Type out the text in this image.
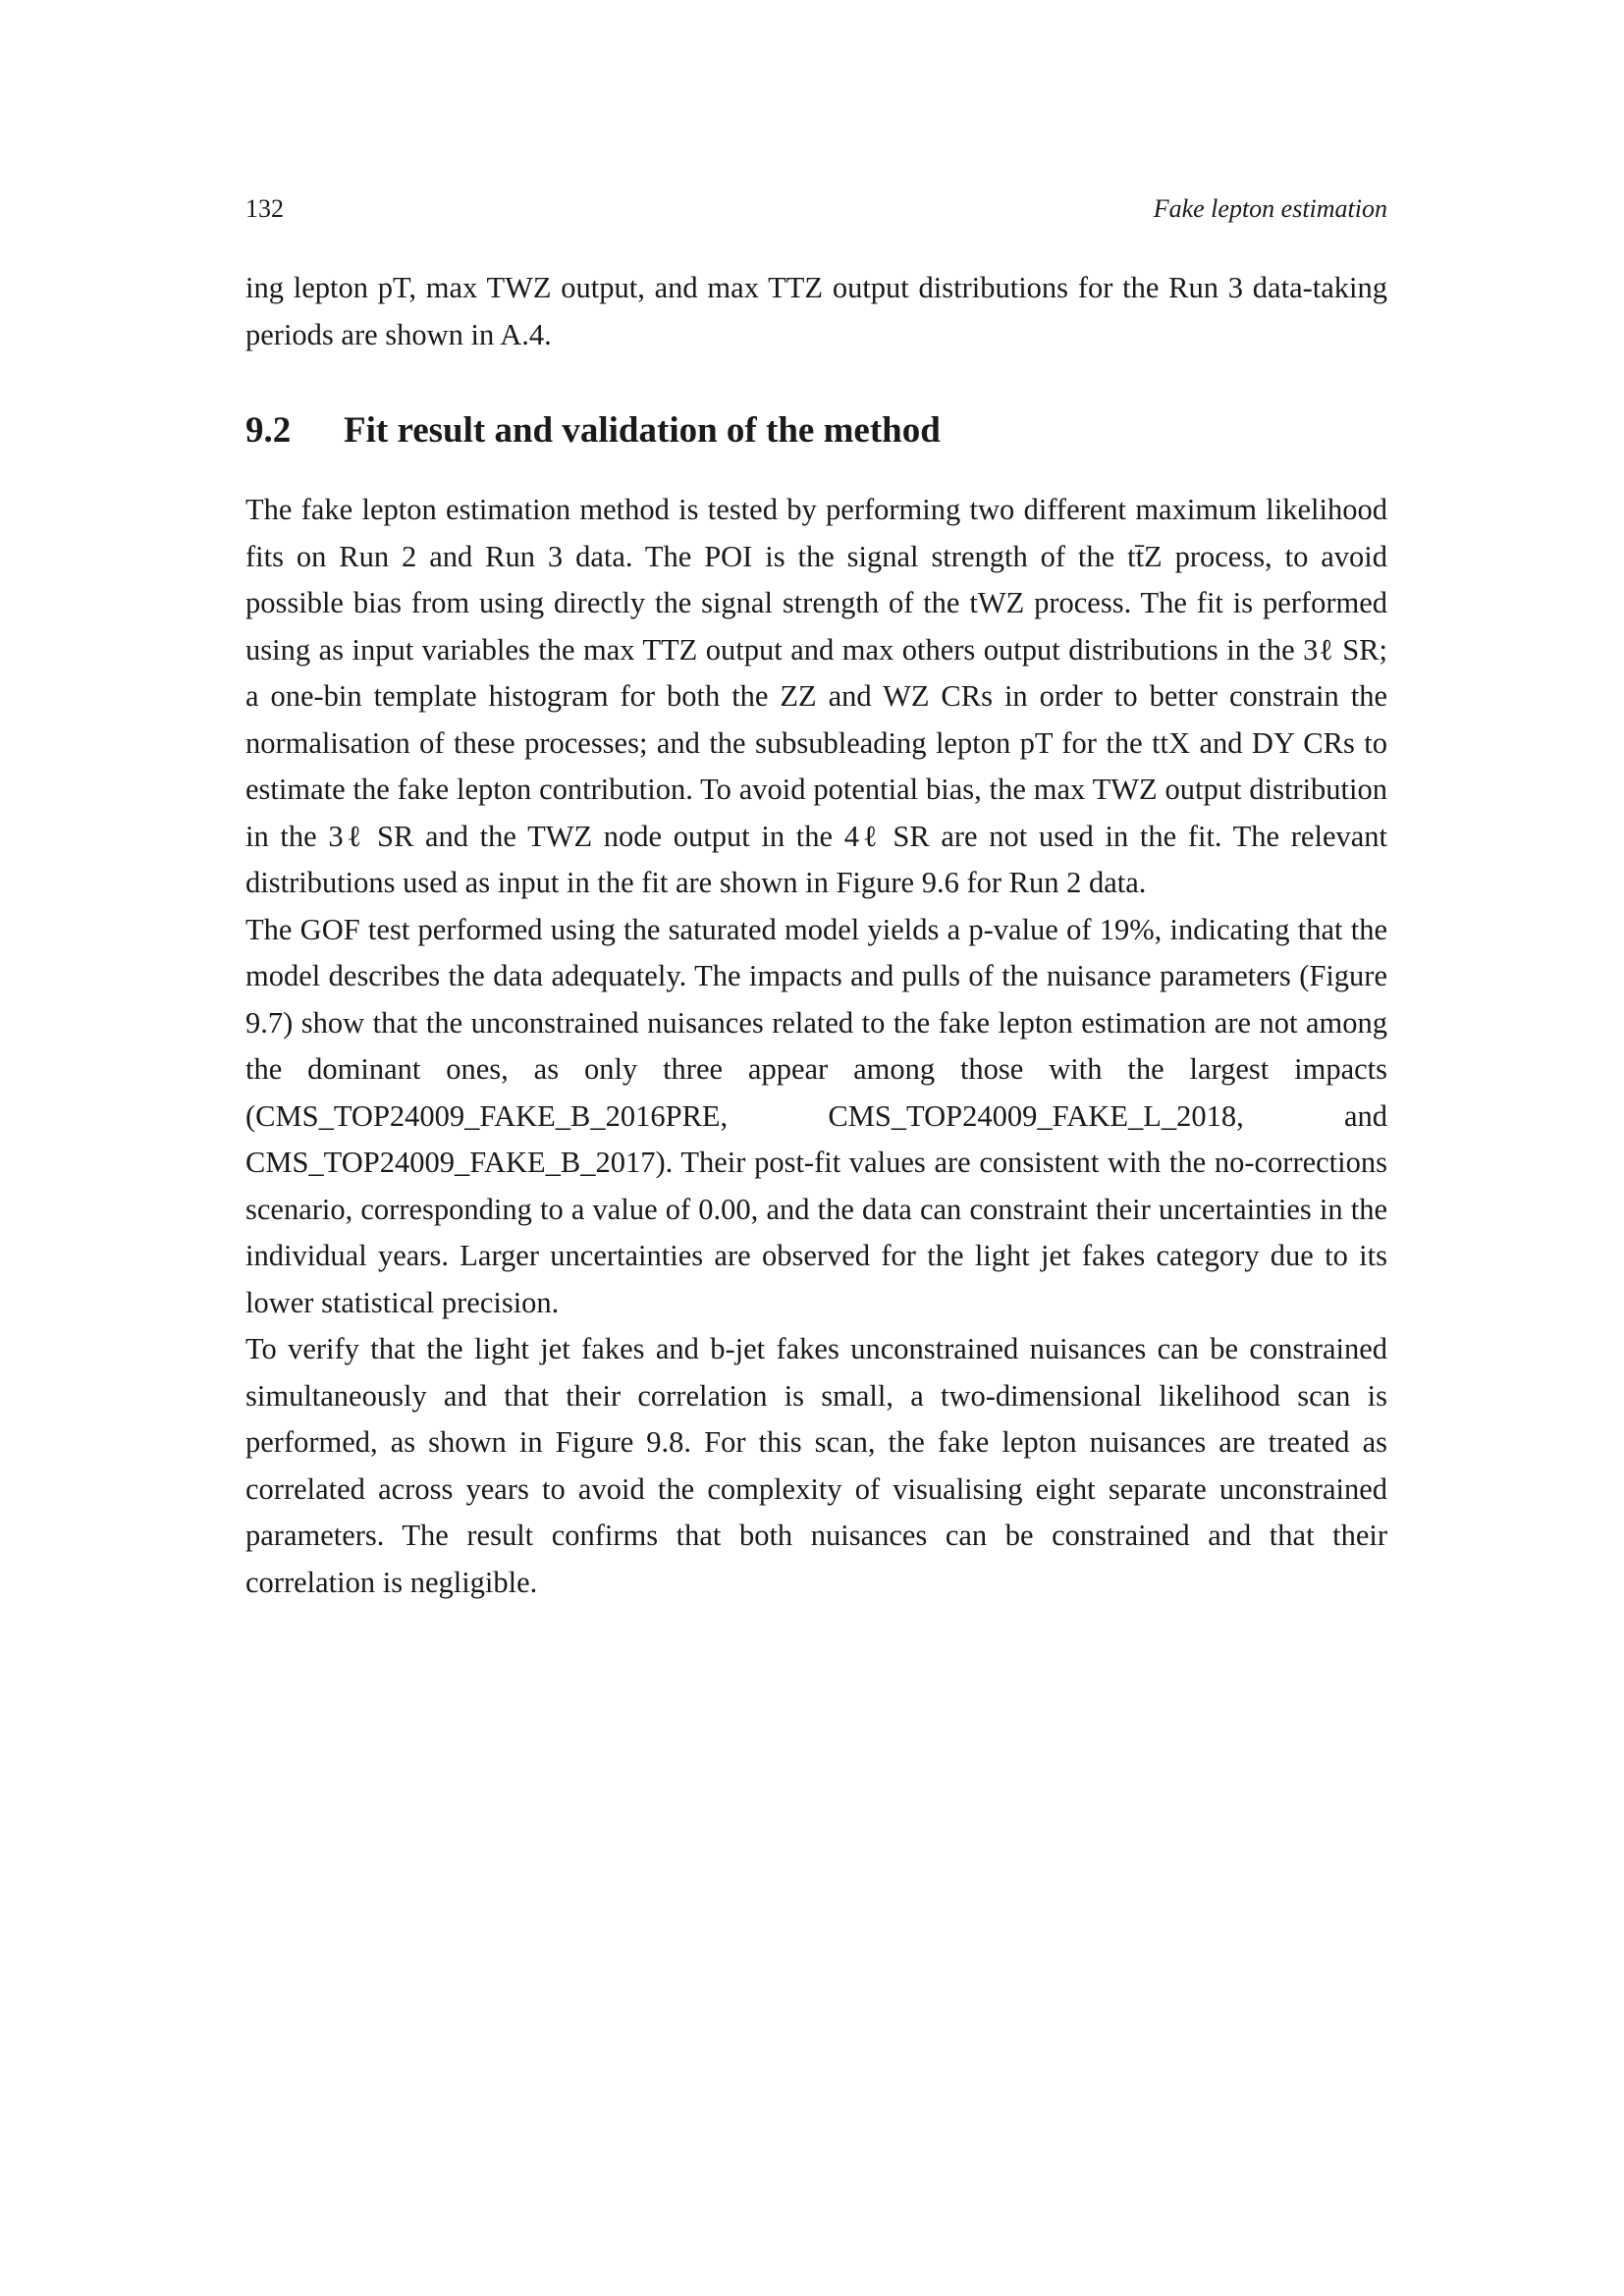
132	Fake lepton estimation

ing lepton pT, max TWZ output, and max TTZ output distributions for the Run 3 data-taking periods are shown in A.4.

9.2	Fit result and validation of the method

The fake lepton estimation method is tested by performing two different maximum likelihood fits on Run 2 and Run 3 data. The POI is the signal strength of the tt̄Z process, to avoid possible bias from using directly the signal strength of the tWZ process. The fit is performed using as input variables the max TTZ output and max others output distributions in the 3ℓ SR; a one-bin template histogram for both the ZZ and WZ CRs in order to better constrain the normalisation of these processes; and the subsubleading lepton pT for the ttX and DY CRs to estimate the fake lepton contribution. To avoid potential bias, the max TWZ output distribution in the 3ℓ SR and the TWZ node output in the 4ℓ SR are not used in the fit. The relevant distributions used as input in the fit are shown in Figure 9.6 for Run 2 data.

The GOF test performed using the saturated model yields a p-value of 19%, indicating that the model describes the data adequately. The impacts and pulls of the nuisance parameters (Figure 9.7) show that the unconstrained nuisances related to the fake lepton estimation are not among the dominant ones, as only three appear among those with the largest impacts (CMS_TOP24009_FAKE_B_2016PRE, CMS_TOP24009_FAKE_L_2018, and CMS_TOP24009_FAKE_B_2017). Their post-fit values are consistent with the no-corrections scenario, corresponding to a value of 0.00, and the data can constraint their uncertainties in the individual years. Larger uncertainties are observed for the light jet fakes category due to its lower statistical precision.

To verify that the light jet fakes and b-jet fakes unconstrained nuisances can be constrained simultaneously and that their correlation is small, a two-dimensional likelihood scan is performed, as shown in Figure 9.8. For this scan, the fake lepton nuisances are treated as correlated across years to avoid the complexity of visualising eight separate unconstrained parameters. The result confirms that both nuisances can be constrained and that their correlation is negligible.
